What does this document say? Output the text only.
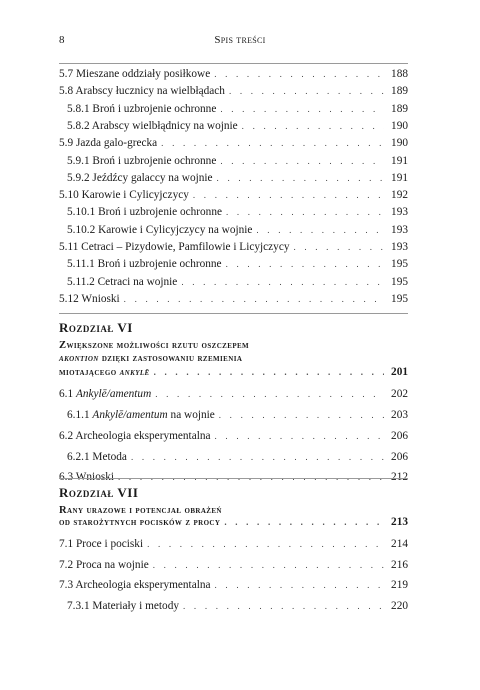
8	Spis treści
5.7 Mieszane oddziały posiłkowe . . .	188
5.8 Arabscy łucznicy na wielbłądach . . .	189
5.8.1 Broń i uzbrojenie ochronne . . .	189
5.8.2 Arabscy wielbłądnicy na wojnie . . .	190
5.9 Jazda galo-grecka . . .	190
5.9.1 Broń i uzbrojenie ochronne . . .	191
5.9.2 Jeźdźcy galaccy na wojnie . . .	191
5.10 Karowie i Cylicyjczycy . . .	192
5.10.1 Broń i uzbrojenie ochronne . . .	193
5.10.2 Karowie i Cylicyjczycy na wojnie . . .	193
5.11 Cetraci – Pizydowie, Pamfilowie i Licyjczycy . . .	193
5.11.1 Broń i uzbrojenie ochronne . . .	195
5.11.2 Cetraci na wojnie . . .	195
5.12 Wnioski . . .	195
Rozdział VI
Zwiększone możliwości rzutu oszczepem
akontion dzięki zastosowaniu rzemienia
miotającego ankylē . . .	201
6.1 Ankylē/amentum . . .	202
6.1.1 Ankylē/amentum na wojnie . . .	203
6.2 Archeologia eksperymentalna . . .	206
6.2.1 Metoda . . .	206
6.3 Wnioski . . .	212
Rozdział VII
Rany urazowe i potencjał obrażeń
od starożytnych pocisków z procy . . .	213
7.1 Proce i pociski . . .	214
7.2 Proca na wojnie . . .	216
7.3 Archeologia eksperymentalna . . .	219
7.3.1 Materiały i metody . . .	220
